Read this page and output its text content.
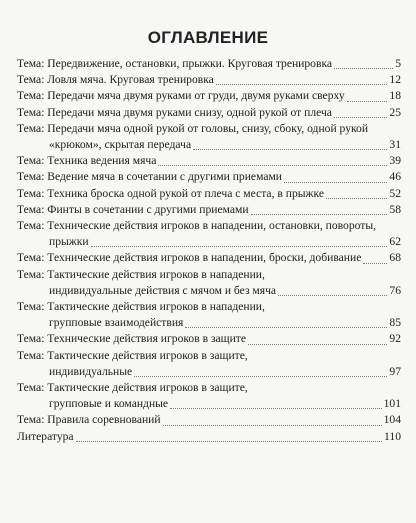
ОГЛАВЛЕНИЕ
Тема: Передвижение, остановки, прыжки. Круговая тренировка	5
Тема: Ловля мяча. Круговая тренировка	12
Тема: Передачи мяча двумя руками от груди, двумя руками сверху	18
Тема: Передачи мяча двумя руками снизу, одной рукой от плеча	25
Тема: Передачи мяча одной рукой от головы, снизу, сбоку, одной рукой
«крюком», скрытая передача	31
Тема: Техника ведения мяча	39
Тема: Ведение мяча в сочетании с другими приемами	46
Тема: Техника броска одной рукой от плеча с места, в прыжке	52
Тема: Финты в сочетании с другими приемами	58
Тема: Технические действия игроков в нападении, остановки, повороты,
прыжки	62
Тема: Технические действия игроков в нападении, броски, добивание 68
Тема: Тактические действия игроков в нападении,
индивидуальные действия с мячом и без мяча	76
Тема: Тактические действия игроков в нападении,
групповые взаимодействия	85
Тема: Технические действия игроков в защите	92
Тема: Тактические действия игроков в защите,
индивидуальные	97
Тема: Тактические действия игроков в защите,
групповые и командные	101
Тема: Правила соревнований	104
Литература	110
